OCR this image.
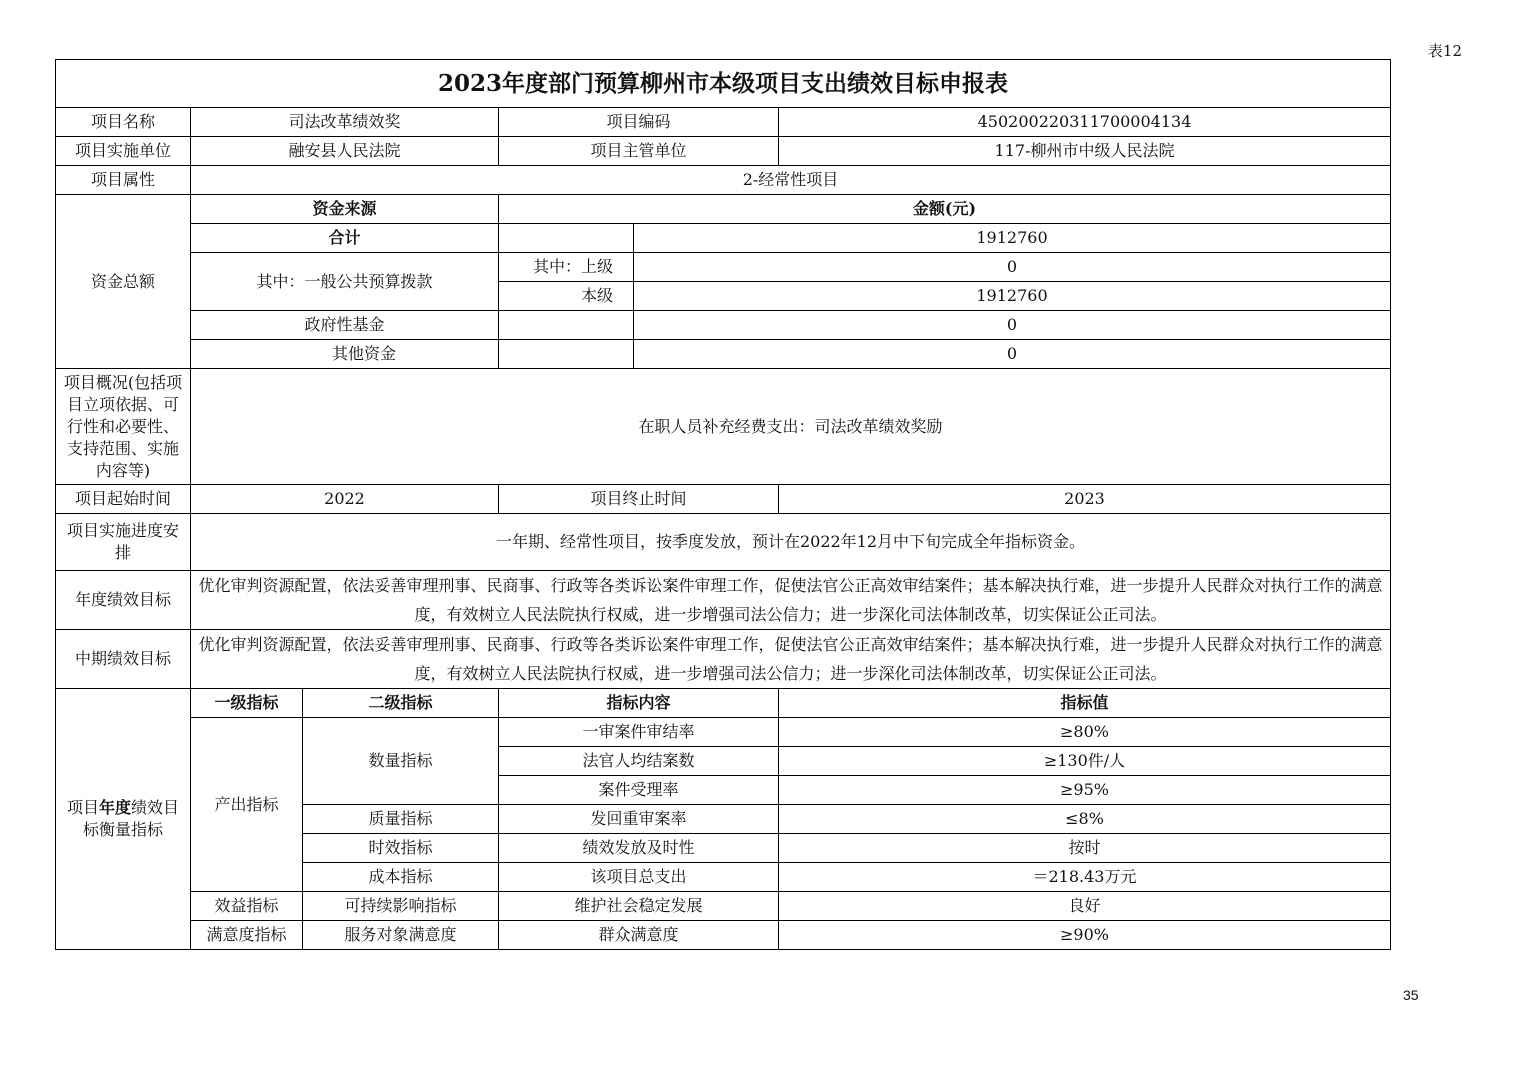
表12
2023年度部门预算柳州市本级项目支出绩效目标申报表					
项目名称	司法改革绩效奖		项目编码		450200220311700004134
项目实施单位	融安县人民法院		项目主管单位		117-柳州市中级人民法院
项目属性	2-经常性项目				
资金总额	资金来源		金额(元)		
	合计			1912760	
	其中：一般公共预算拨款		其中：上级	0	
			本级	1912760	
	政府性基金			0	
	其他资金			0	
项目概况(包括项目立项依据、可行性和必要性、支持范围、实施内容等)	在职人员补充经费支出：司法改革绩效奖励				
项目起始时间	2022		项目终止时间		2023
项目实施进度安排	一年期、经常性项目，按季度发放，预计在2022年12月中下旬完成全年指标资金。				
年度绩效目标	优化审判资源配置，依法妥善审理刑事、民商事、行政等各类诉讼案件审理工作，促使法官公正高效审结案件；基本解决执行难，进一步提升人民群众对执行工作的满意度，有效树立人民法院执行权威，进一步增强司法公信力；进一步深化司法体制改革，切实保证公正司法。				
中期绩效目标	优化审判资源配置，依法妥善审理刑事、民商事、行政等各类诉讼案件审理工作，促使法官公正高效审结案件；基本解决执行难，进一步提升人民群众对执行工作的满意度，有效树立人民法院执行权威，进一步增强司法公信力；进一步深化司法体制改革，切实保证公正司法。				
项目年度绩效目标衡量指标	一级指标	二级指标	指标内容		指标值
	产出指标	数量指标	一审案件审结率		≥80%
			法官人均结案数		≥130件/人
			案件受理率		≥95%
		质量指标	发回重审案率		≤8%
		时效指标	绩效发放及时性		按时
		成本指标	该项目总支出		＝218.43万元
	效益指标	可持续影响指标	维护社会稳定发展		良好
	满意度指标	服务对象满意度	群众满意度		≥90%
35
